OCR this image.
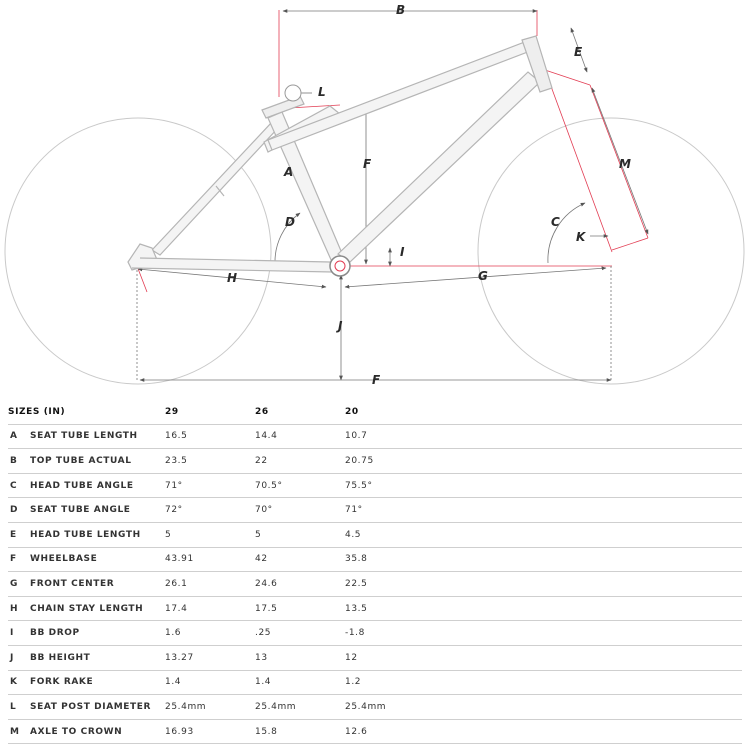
A
B
C
D
E
F
F
G
H
I
J
K
L
M
SIZES (IN)		29	26	20
A	SEAT TUBE LENGTH	16.5	14.4	10.7
B	TOP TUBE ACTUAL	23.5	22	20.75
C	HEAD TUBE ANGLE	71°	70.5°	75.5°
D	SEAT TUBE ANGLE	72°	70°	71°
E	HEAD TUBE LENGTH	5	5	4.5
F	WHEELBASE	43.91	42	35.8
G	FRONT CENTER	26.1	24.6	22.5
H	CHAIN STAY LENGTH	17.4	17.5	13.5
I	BB DROP	1.6	.25	-1.8
J	BB HEIGHT	13.27	13	12
K	FORK RAKE	1.4	1.4	1.2
L	SEAT POST DIAMETER	25.4mm	25.4mm	25.4mm
M	AXLE TO CROWN	16.93	15.8	12.6
